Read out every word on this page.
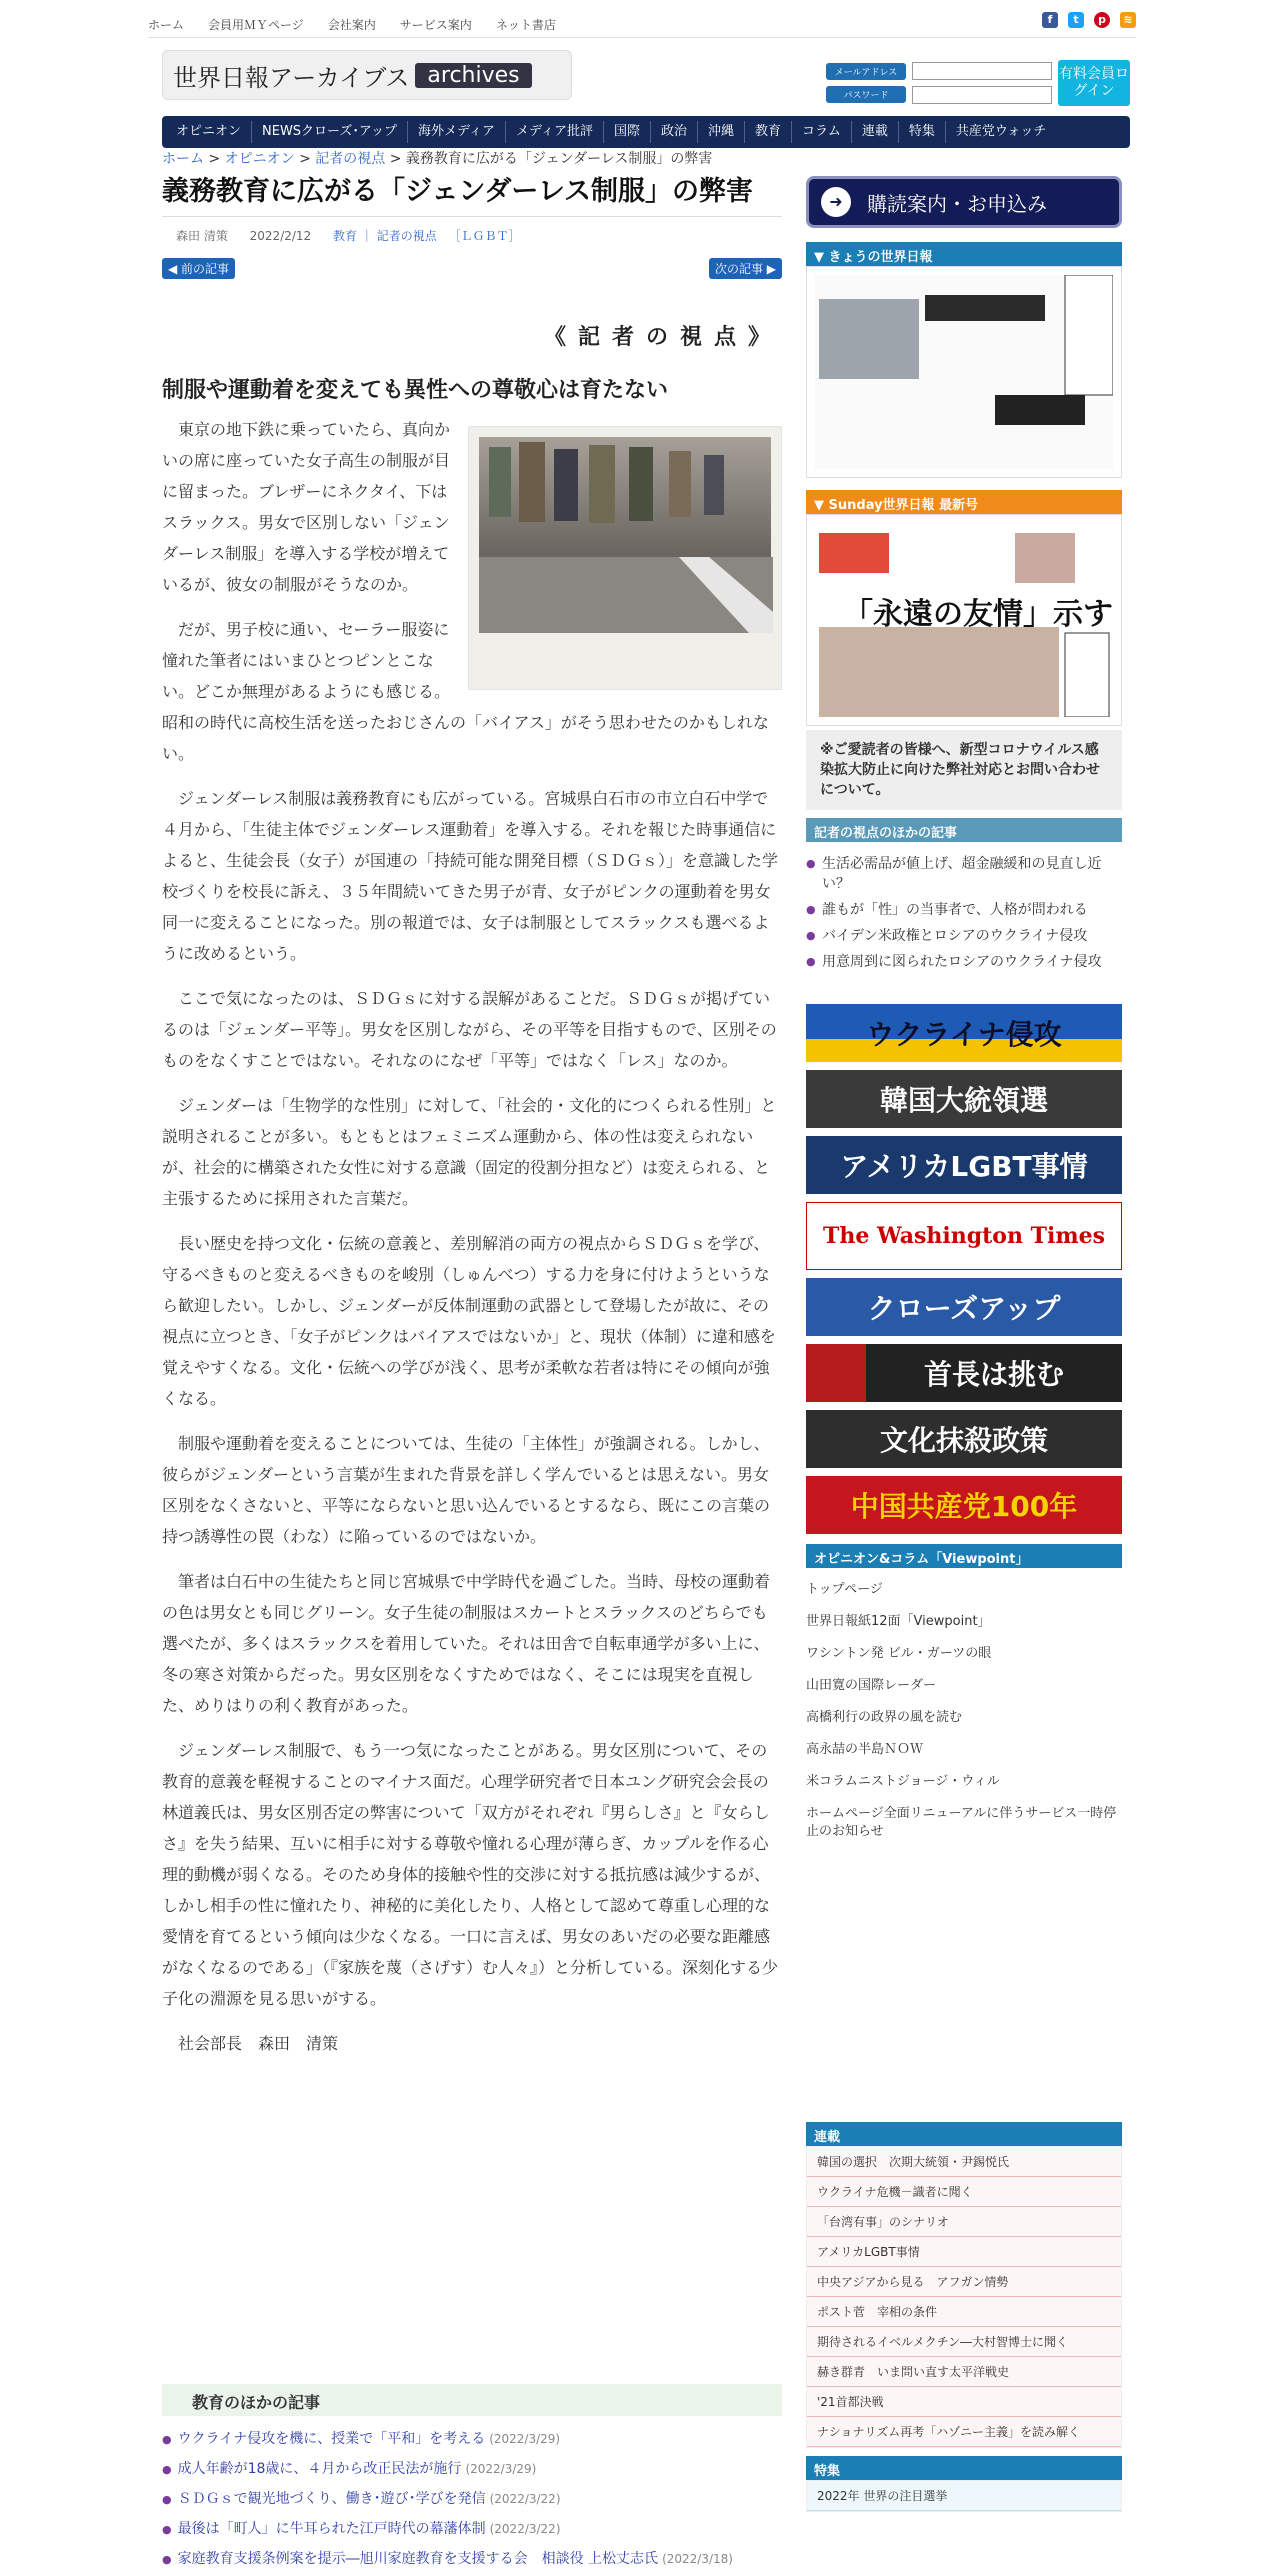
ホーム 会員用ＭＹページ 会社案内 サービス案内 ネット書店	f	t	p	≋
世界日報アーカイブス archives	メールアドレス
パスワード
有料会員ログイン
オピニオン	NEWSクローズ･アップ	海外メディア	メディア批評	国際	政治	沖縄	教育	コラム	連載	特集	共産党ウォッチ
ホーム > オピニオン > 記者の視点 > 義務教育に広がる「ジェンダーレス制服」の弊害
義務教育に広がる「ジェンダーレス制服」の弊害
森田 清策 2022/2/12 教育 ｜ 記者の視点 ［ＬＧＢＴ］
◀ 前の記事	次の記事 ▶
《記者の視点》
制服や運動着を変えても異性への尊敬心は育たない

東京の地下鉄に乗っていたら、真向かいの席に座っていた女子高生の制服が目に留まった。ブレザーにネクタイ、下はスラックス。男女で区別しない「ジェンダーレス制服」を導入する学校が増えているが、彼女の制服がそうなのか。

だが、男子校に通い、セーラー服姿に憧れた筆者にはいまひとつピンとこない。どこか無理があるようにも感じる。昭和の時代に高校生活を送ったおじさんの「バイアス」がそう思わせたのかもしれない。

ジェンダーレス制服は義務教育にも広がっている。宮城県白石市の市立白石中学で４月から、「生徒主体でジェンダーレス運動着」を導入する。それを報じた時事通信によると、生徒会長（女子）が国連の「持続可能な開発目標（ＳＤＧｓ）」を意識した学校づくりを校長に訴え、３５年間続いてきた男子が青、女子がピンクの運動着を男女同一に変えることになった。別の報道では、女子は制服としてスラックスも選べるように改めるという。

ここで気になったのは、ＳＤＧｓに対する誤解があることだ。ＳＤＧｓが掲げているのは「ジェンダー平等」。男女を区別しながら、その平等を目指すもので、区別そのものをなくすことではない。それなのになぜ「平等」ではなく「レス」なのか。

ジェンダーは「生物学的な性別」に対して、「社会的・文化的につくられる性別」と説明されることが多い。もともとはフェミニズム運動から、体の性は変えられないが、社会的に構築された女性に対する意識（固定的役割分担など）は変えられる、と主張するために採用された言葉だ。

長い歴史を持つ文化・伝統の意義と、差別解消の両方の視点からＳＤＧｓを学び、守るべきものと変えるべきものを峻別（しゅんべつ）する力を身に付けようというなら歓迎したい。しかし、ジェンダーが反体制運動の武器として登場したが故に、その視点に立つとき、「女子がピンクはバイアスではないか」と、現状（体制）に違和感を覚えやすくなる。文化・伝統への学びが浅く、思考が柔軟な若者は特にその傾向が強くなる。

制服や運動着を変えることについては、生徒の「主体性」が強調される。しかし、彼らがジェンダーという言葉が生まれた背景を詳しく学んでいるとは思えない。男女区別をなくさないと、平等にならないと思い込んでいるとするなら、既にこの言葉の持つ誘導性の罠（わな）に陥っているのではないか。

筆者は白石中の生徒たちと同じ宮城県で中学時代を過ごした。当時、母校の運動着の色は男女とも同じグリーン。女子生徒の制服はスカートとスラックスのどちらでも選べたが、多くはスラックスを着用していた。それは田舎で自転車通学が多い上に、冬の寒さ対策からだった。男女区別をなくすためではなく、そこには現実を直視した、めりはりの利く教育があった。

ジェンダーレス制服で、もう一つ気になったことがある。男女区別について、その教育的意義を軽視することのマイナス面だ。心理学研究者で日本ユング研究会会長の林道義氏は、男女区別否定の弊害について「双方がそれぞれ『男らしさ』と『女らしさ』を失う結果、互いに相手に対する尊敬や憧れる心理が薄らぎ、カップルを作る心理的動機が弱くなる。そのため身体的接触や性的交渉に対する抵抗感は減少するが、しかし相手の性に憧れたり、神秘的に美化したり、人格として認めて尊重し心理的な愛情を育てるという傾向は少なくなる。一口に言えば、男女のあいだの必要な距離感がなくなるのである」（『家族を蔑（さげす）む人々』）と分析している。深刻化する少子化の淵源を見る思いがする。

社会部長　森田　清策
教育のほかの記事
● ウクライナ侵攻を機に、授業で「平和」を考える (2022/3/29)
● 成人年齢が18歳に、４月から改正民法が施行 (2022/3/29)
● ＳＤＧｓで観光地づくり、働き･遊び･学びを発信 (2022/3/22)
● 最後は「町人」に牛耳られた江戸時代の幕藩体制 (2022/3/22)
● 家庭教育支援条例案を提示―旭川家庭教育を支援する会　相談役 上松丈志氏 (2022/3/18)
➜	購読案内・お申込み
▼ きょうの世界日報
▼ Sunday世界日報 最新号
「永遠の友情」示す
※ご愛読者の皆様へ、新型コロナウイルス感染拡大防止に向けた弊社対応とお問い合わせについて。
記者の視点のほかの記事
● 生活必需品が値上げ、超金融緩和の見直し近い？
● 誰もが「性」の当事者で、人格が問われる
● バイデン米政権とロシアのウクライナ侵攻
● 用意周到に図られたロシアのウクライナ侵攻
ウクライナ侵攻
韓国大統領選
アメリカLGBT事情
The Washington Times
クローズアップ
首長は挑む
文化抹殺政策
中国共産党100年
オピニオン&コラム「Viewpoint」
トップページ
世界日報紙12面「Viewpoint」
ワシントン発 ビル・ガーツの眼
山田寛の国際レーダー
高橋利行の政界の風を読む
高永喆の半島ＮＯＷ
米コラムニストジョージ・ウィル
ホームページ全面リニューアルに伴うサービス一時停止のお知らせ
連載
韓国の選択　次期大統領・尹錫悦氏
ウクライナ危機－識者に聞く
「台湾有事」のシナリオ
アメリカLGBT事情
中央アジアから見る　アフガン情勢
ポスト菅　宰相の条件
期待されるイベルメクチン―大村智博士に聞く
赫き群青　いま問い直す太平洋戦史
'21首都決戦
ナショナリズム再考「ハゾニー主義」を読み解く
特集
2022年 世界の注目選挙
